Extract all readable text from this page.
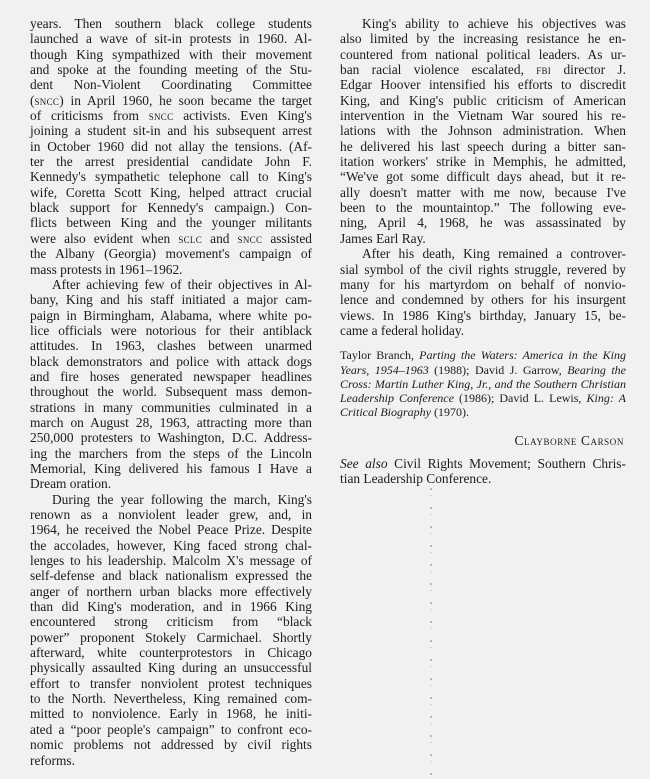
years. Then southern black college students
launched a wave of sit-in protests in 1960. Al-
though King sympathized with their movement
and spoke at the founding meeting of the Stu-
dent Non-Violent Coordinating Committee
(sncc) in April 1960, he soon became the target
of criticisms from sncc activists. Even King's
joining a student sit-in and his subsequent arrest
in October 1960 did not allay the tensions. (Af-
ter the arrest presidential candidate John F.
Kennedy's sympathetic telephone call to King's
wife, Coretta Scott King, helped attract crucial
black support for Kennedy's campaign.) Con-
flicts between King and the younger militants
were also evident when sclc and sncc assisted
the Albany (Georgia) movement's campaign of
mass protests in 1961–1962.
After achieving few of their objectives in Al-
bany, King and his staff initiated a major cam-
paign in Birmingham, Alabama, where white po-
lice officials were notorious for their antiblack
attitudes. In 1963, clashes between unarmed
black demonstrators and police with attack dogs
and fire hoses generated newspaper headlines
throughout the world. Subsequent mass demon-
strations in many communities culminated in a
march on August 28, 1963, attracting more than
250,000 protesters to Washington, D.C. Address-
ing the marchers from the steps of the Lincoln
Memorial, King delivered his famous I Have a
Dream oration.
During the year following the march, King's
renown as a nonviolent leader grew, and, in
1964, he received the Nobel Peace Prize. Despite
the accolades, however, King faced strong chal-
lenges to his leadership. Malcolm X's message of
self-defense and black nationalism expressed the
anger of northern urban blacks more effectively
than did King's moderation, and in 1966 King
encountered strong criticism from “black
power” proponent Stokely Carmichael. Shortly
afterward, white counterprotestors in Chicago
physically assaulted King during an unsuccessful
effort to transfer nonviolent protest techniques
to the North. Nevertheless, King remained com-
mitted to nonviolence. Early in 1968, he initi-
ated a “poor people's campaign” to confront eco-
nomic problems not addressed by civil rights
reforms.
King's ability to achieve his objectives was
also limited by the increasing resistance he en-
countered from national political leaders. As ur-
ban racial violence escalated, fbi director J.
Edgar Hoover intensified his efforts to discredit
King, and King's public criticism of American
intervention in the Vietnam War soured his re-
lations with the Johnson administration. When
he delivered his last speech during a bitter san-
itation workers' strike in Memphis, he admitted,
“We've got some difficult days ahead, but it re-
ally doesn't matter with me now, because I've
been to the mountaintop.” The following eve-
ning, April 4, 1968, he was assassinated by
James Earl Ray.
After his death, King remained a controver-
sial symbol of the civil rights struggle, revered by
many for his martyrdom on behalf of nonvio-
lence and condemned by others for his insurgent
views. In 1986 King's birthday, January 15, be-
came a federal holiday.
Taylor Branch, Parting the Waters: America in the King
Years, 1954–1963 (1988); David J. Garrow, Bearing the
Cross: Martin Luther King, Jr., and the Southern Christian
Leadership Conference (1986); David L. Lewis, King: A
Critical Biography (1970).
Clayborne Carson
See also Civil Rights Movement; Southern Chris-
tian Leadership Conference.
